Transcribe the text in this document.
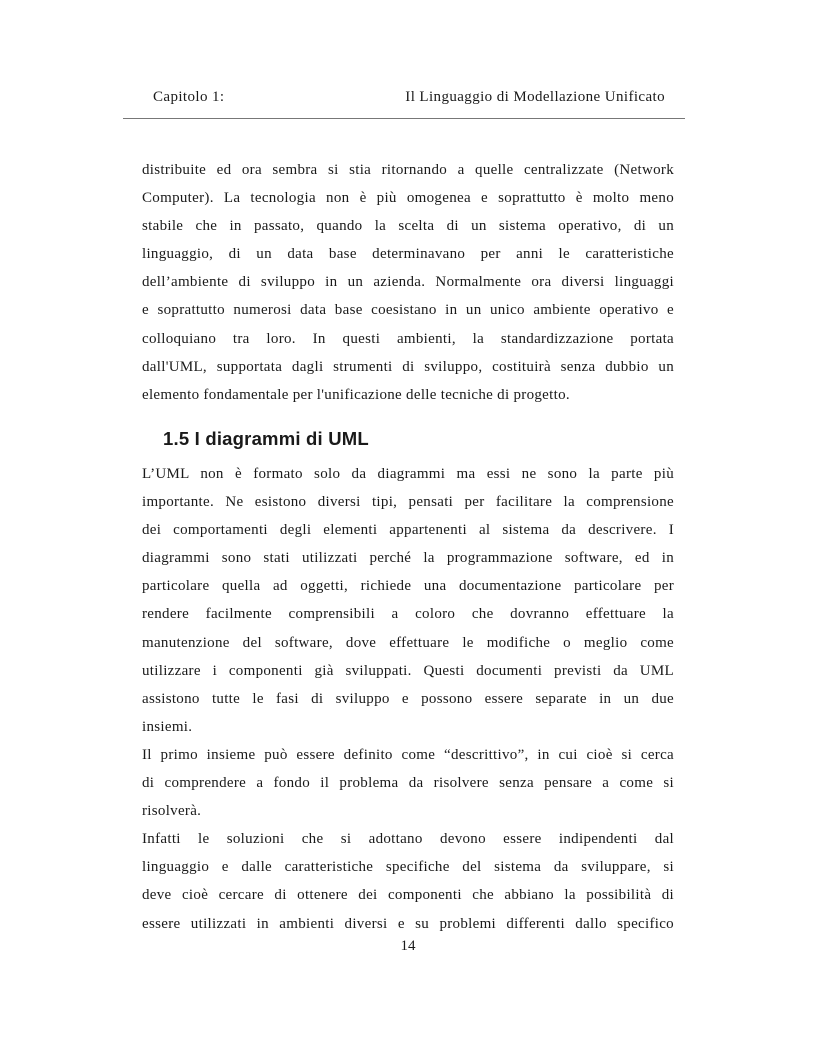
Capitolo 1:	Il Linguaggio di Modellazione Unificato
distribuite ed ora sembra si stia ritornando a quelle centralizzate (Network
Computer). La tecnologia non è più omogenea e soprattutto è molto meno
stabile che in passato, quando la scelta di un sistema operativo, di un
linguaggio, di un data base determinavano per anni le caratteristiche
dell’ambiente di sviluppo in un azienda. Normalmente ora diversi linguaggi
e soprattutto numerosi data base coesistano in un unico ambiente operativo e
colloquiano tra loro. In questi ambienti, la standardizzazione portata
dall'UML, supportata dagli strumenti di sviluppo, costituirà senza dubbio un
elemento fondamentale per l'unificazione delle tecniche di progetto.
1.5 I diagrammi di UML
L’UML non è formato solo da diagrammi ma essi ne sono la parte più
importante. Ne esistono diversi tipi, pensati per facilitare la comprensione
dei comportamenti degli elementi appartenenti al sistema da descrivere. I
diagrammi sono stati utilizzati perché la programmazione software, ed in
particolare quella ad oggetti, richiede una documentazione particolare per
rendere facilmente comprensibili a coloro che dovranno effettuare la
manutenzione del software, dove effettuare le modifiche o meglio come
utilizzare i componenti già sviluppati. Questi documenti previsti da UML
assistono tutte le fasi di sviluppo e possono essere separate in un due
insiemi.
Il primo insieme può essere definito come “descrittivo”, in cui cioè si cerca
di comprendere a fondo il problema da risolvere senza pensare a come si
risolverà.
Infatti le soluzioni che si adottano devono essere indipendenti dal
linguaggio e dalle caratteristiche specifiche del sistema da sviluppare, si
deve cioè cercare di ottenere dei componenti che abbiano la possibilità di
essere utilizzati in ambienti diversi e su problemi differenti dallo specifico
14
